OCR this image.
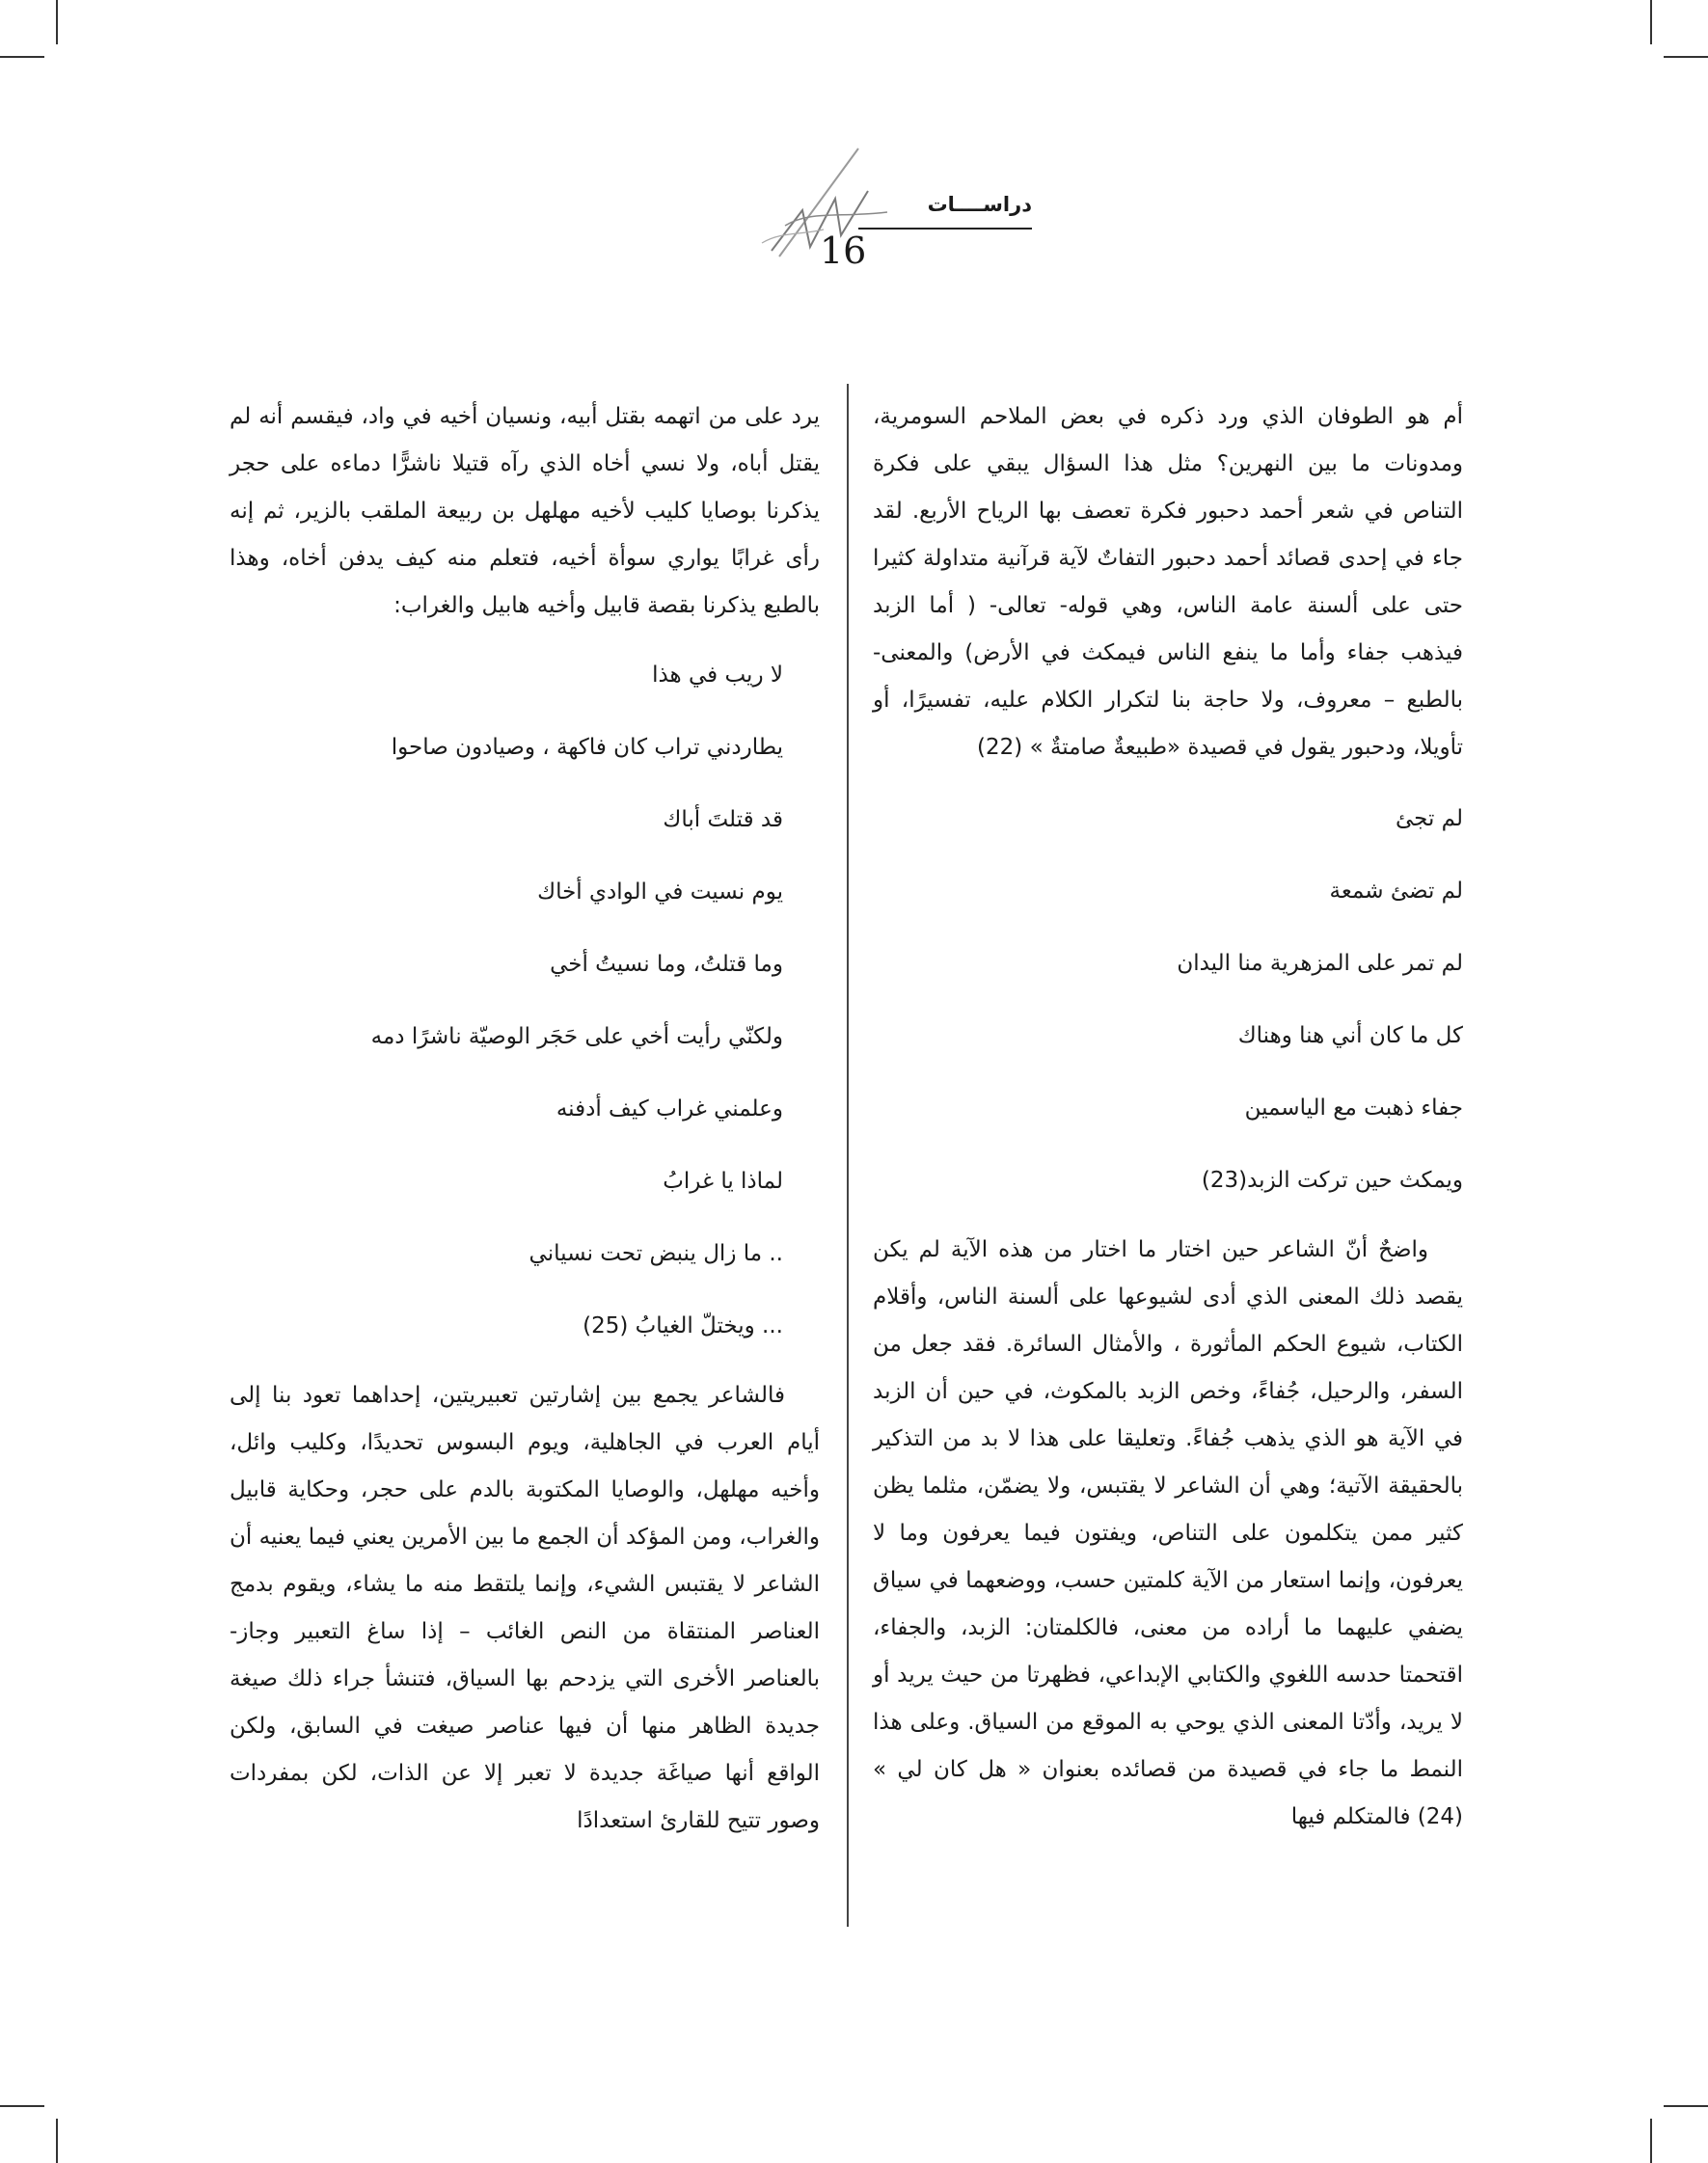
دراســــات
16

أم هو الطوفان الذي ورد ذكره في بعض الملاحم السومرية، ومدونات ما بين النهرين؟ مثل هذا السؤال يبقي على فكرة التناص في شعر أحمد دحبور فكرة تعصف بها الرياح الأربع. لقد جاء في إحدى قصائد أحمد دحبور التفاتٌ لآية قرآنية متداولة كثيرا حتى على ألسنة عامة الناس، وهي قوله- تعالى- ( أما الزبد فيذهب جفاء وأما ما ينفع الناس فيمكث في الأرض) والمعنى- بالطبع – معروف، ولا حاجة بنا لتكرار الكلام عليه، تفسيرًا، أو تأويلا، ودحبور يقول في قصيدة «طبيعةٌ صامتةٌ » (22)

لم تجئ

لم تضئ شمعة

لم تمر على المزهرية منا اليدان

كل ما كان أني هنا وهناك

جفاء ذهبت مع الياسمين

ويمكث حين تركت الزبد(23)

واضحٌ أنّ الشاعر حين اختار ما اختار من هذه الآية لم يكن يقصد ذلك المعنى الذي أدى لشيوعها على ألسنة الناس، وأقلام الكتاب، شيوع الحكم المأثورة ، والأمثال السائرة. فقد جعل من السفر، والرحيل، جُفاءً، وخص الزبد بالمكوث، في حين أن الزبد في الآية هو الذي يذهب جُفاءً. وتعليقا على هذا لا بد من التذكير بالحقيقة الآتية؛ وهي أن الشاعر لا يقتبس، ولا يضمّن، مثلما يظن كثير ممن يتكلمون على التناص، ويفتون فيما يعرفون وما لا يعرفون، وإنما استعار من الآية كلمتين حسب، ووضعهما في سياق يضفي عليهما ما أراده من معنى، فالكلمتان: الزبد، والجفاء، اقتحمتا حدسه اللغوي والكتابي الإبداعي، فظهرتا من حيث يريد أو لا يريد، وأدّتا المعنى الذي يوحي به الموقع من السياق. وعلى هذا النمط ما جاء في قصيدة من قصائده بعنوان « هل كان لي » (24) فالمتكلم فيها

يرد على من اتهمه بقتل أبيه، ونسيان أخيه في واد، فيقسم أنه لم يقتل أباه، ولا نسي أخاه الذي رآه قتيلا ناشرًّا دماءه على حجر يذكرنا بوصايا كليب لأخيه مهلهل بن ربيعة الملقب بالزير، ثم إنه رأى غرابًا يواري سوأة أخيه، فتعلم منه كيف يدفن أخاه، وهذا بالطبع يذكرنا بقصة قابيل وأخيه هابيل والغراب:

لا ريب في هذا

يطاردني تراب كان فاكهة ، وصيادون صاحوا

قد قتلتَ أباك

يوم نسيت في الوادي أخاك

وما قتلتُ، وما نسيتُ أخي

ولكنّي رأيت أخي على حَجَر الوصيّة ناشرًا دمه

وعلمني غراب كيف أدفنه

لماذا يا غرابُ

.. ما زال ينبض تحت نسياني

... ويختلّ الغيابُ (25)

فالشاعر يجمع بين إشارتين تعبيريتين، إحداهما تعود بنا إلى أيام العرب في الجاهلية، ويوم البسوس تحديدًا، وكليب وائل، وأخيه مهلهل، والوصايا المكتوبة بالدم على حجر، وحكاية قابيل والغراب، ومن المؤكد أن الجمع ما بين الأمرين يعني فيما يعنيه أن الشاعر لا يقتبس الشيء، وإنما يلتقط منه ما يشاء، ويقوم بدمج العناصر المنتقاة من النص الغائب – إذا ساغ التعبير وجاز- بالعناصر الأخرى التي يزدحم بها السياق، فتنشأ جراء ذلك صيغة جديدة الظاهر منها أن فيها عناصر صيغت في السابق، ولكن الواقع أنها صياغَة جديدة لا تعبر إلا عن الذات، لكن بمفردات وصور تتيح للقارئ استعدادًا
